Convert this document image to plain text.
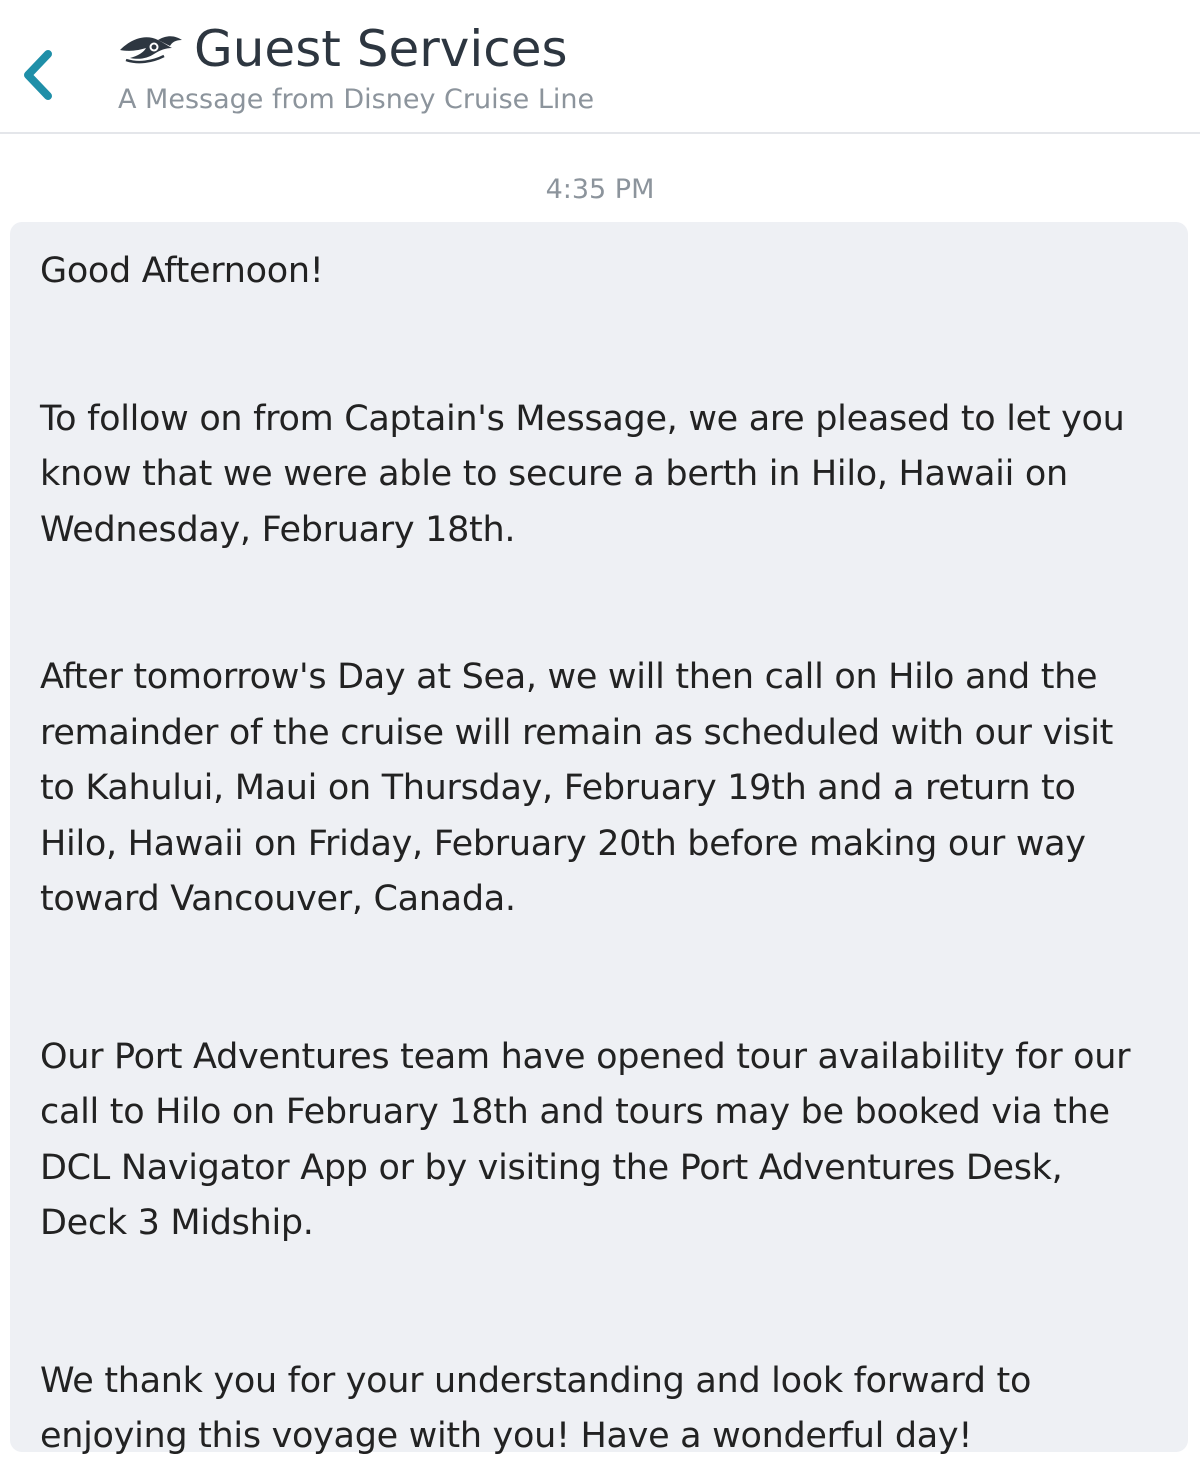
Guest Services
A Message from Disney Cruise Line
4:35 PM

Good Afternoon!

To follow on from Captain's Message, we are pleased to let you know that we were able to secure a berth in Hilo, Hawaii on Wednesday, February 18th.

After tomorrow's Day at Sea, we will then call on Hilo and the remainder of the cruise will remain as scheduled with our visit to Kahului, Maui on Thursday, February 19th and a return to Hilo, Hawaii on Friday, February 20th before making our way toward Vancouver, Canada.

Our Port Adventures team have opened tour availability for our call to Hilo on February 18th and tours may be booked via the DCL Navigator App or by visiting the Port Adventures Desk, Deck 3 Midship.

We thank you for your understanding and look forward to enjoying this voyage with you! Have a wonderful day!
